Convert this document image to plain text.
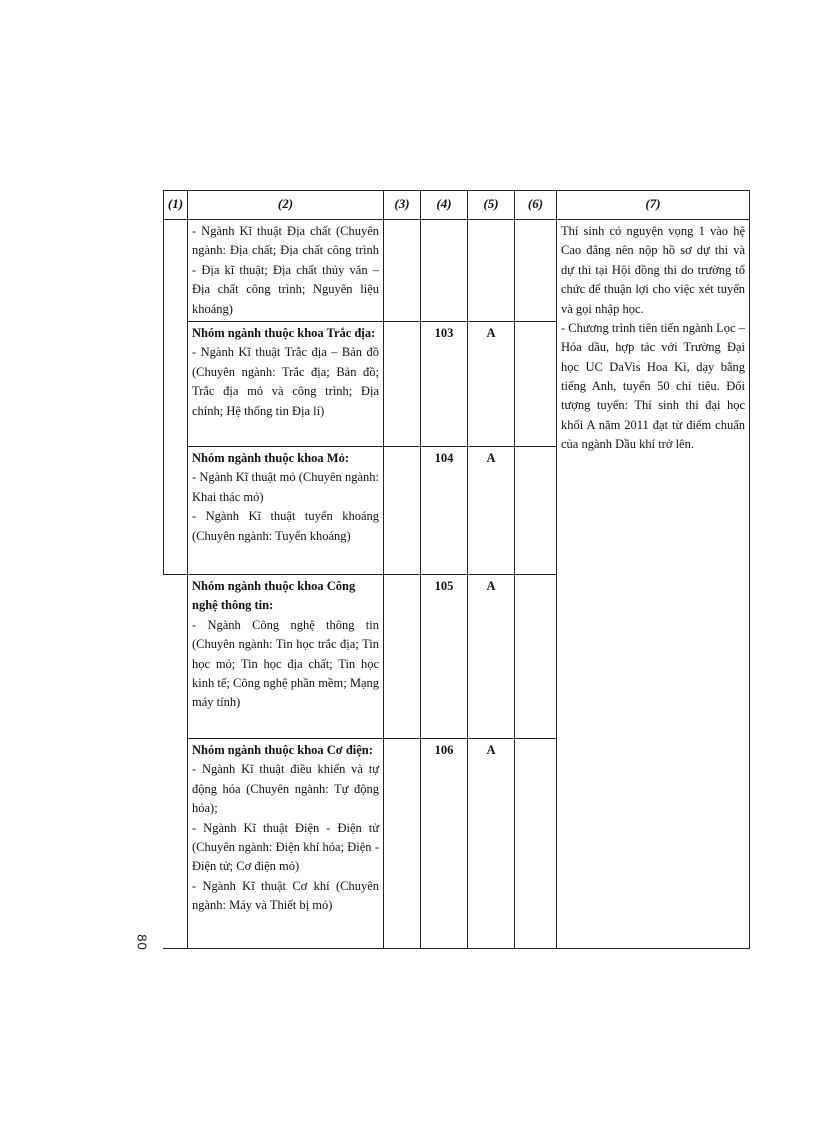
(1)	(2)	(3)	(4)	(5)	(6)	(7)

	- Ngành Kĩ thuật Địa chất (Chuyên ngành: Địa chất; Địa chất công trình - Địa kĩ thuật; Địa chất thủy văn – Địa chất công trình; Nguyên liệu khoáng)					Thí sinh có nguyện vọng 1 vào hệ Cao đẳng nên nộp hồ sơ dự thi và dự thi tại Hội đồng thi do trường tổ chức để thuận lợi cho việc xét tuyển và gọi nhập học.
- Chương trình tiên tiến ngành Lọc – Hóa dầu, hợp tác với Trường Đại học UC DaVis Hoa Kì, dạy bằng tiếng Anh, tuyển 50 chỉ tiêu. Đối tượng tuyển: Thí sinh thi đại học khối A năm 2011 đạt từ điểm chuẩn của ngành Dầu khí trở lên.

	Nhóm ngành thuộc khoa Trắc địa:
- Ngành Kĩ thuật Trắc địa – Bản đồ (Chuyên ngành: Trắc địa; Bản đồ; Trắc địa mỏ và công trình; Địa chính; Hệ thống tin Địa lí)		103	A		

	Nhóm ngành thuộc khoa Mỏ:
- Ngành Kĩ thuật mỏ (Chuyên ngành: Khai thác mỏ)
- Ngành Kĩ thuật tuyển khoáng (Chuyên ngành: Tuyển khoáng)		104	A		

	Nhóm ngành thuộc khoa Công nghệ thông tin:
- Ngành Công nghệ thông tin (Chuyên ngành: Tin học trắc địa; Tin học mỏ; Tin học địa chất; Tin học kinh tế; Công nghệ phần mềm; Mạng máy tính)		105	A		

	Nhóm ngành thuộc khoa Cơ điện:
- Ngành Kĩ thuật điều khiển và tự động hóa (Chuyên ngành: Tự động hóa);
- Ngành Kĩ thuật Điện - Điện tử (Chuyên ngành: Điện khí hóa; Điện - Điện tử; Cơ điện mỏ)
- Ngành Kĩ thuật Cơ khí (Chuyên ngành: Máy và Thiết bị mỏ)		106	A		
80
